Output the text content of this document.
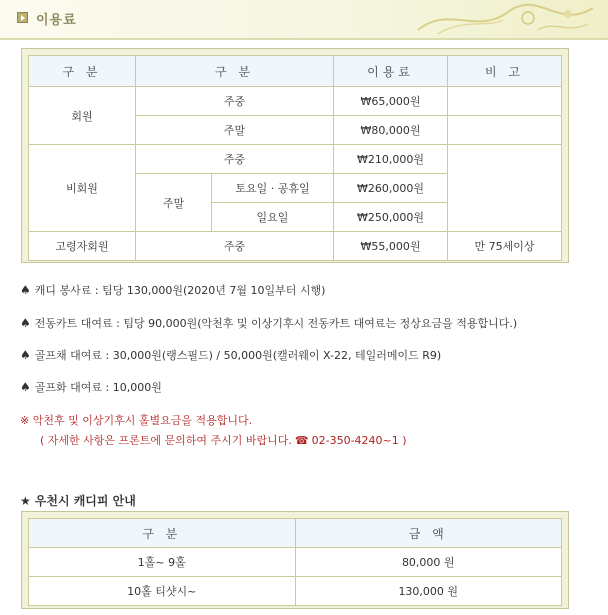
이용료
구 분	구 분		이용료	비 고
회원	주중		₩65,000원	
	주말		₩80,000원	
비회원	주중		₩210,000원	
	주말	토요일 · 공휴일	₩260,000원	
		일요일	₩250,000원	
고령자회원	주중		₩55,000원	만 75세이상
♠ 캐디 봉사료 : 팀당 130,000원(2020년 7월 10일부터 시행)
♠ 전동카트 대여료 : 팀당 90,000원(악천후 및 이상기후시 전동카트 대여료는 정상요금을 적용합니다.)
♠ 골프채 대여료 : 30,000원(랭스필드) / 50,000원(캘러웨이 X-22, 테일러메이드 R9)
♠ 골프화 대여료 : 10,000원
※ 악천후 및 이상기후시 홀별요금을 적용합니다.
( 자세한 사항은 프론트에 문의하여 주시기 바랍니다. ☎ 02-350-4240~1 )
★ 우천시 캐디피 안내
구 분	금 액
1홀~ 9홀	80,000 원
10홀 티샷시~	130,000 원
